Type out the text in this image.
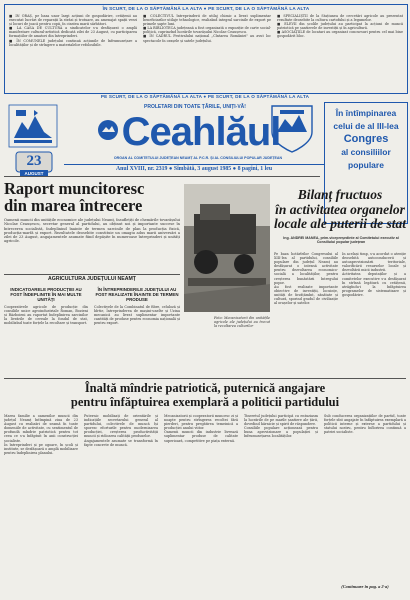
ÎN SCURT, DE LA O SĂPTĂMÂNĂ LA ALTA ● PE SCURT, DE LA O SĂPTĂMÂNĂ LA ALTA
■ IN ORAȘ, pe baza unor largi acțiuni de gospodărire, cetățenii au executat lucrări de reparații la străzi și trotuare, au amenajat spații verzi și locuri de joacă pentru copii, în cinstea marii sărbători.
■ LA CASA DE CULTURĂ a sindicatelor s-a desfășurat o amplă manifestare cultural-artistică dedicată zilei de 23 August, cu participarea formațiilor de amatori din întreprinderi.
■ ÎN COMUNELE județului continuă acțiunile de înfrumusețare a localităților și de strîngere a materialelor refolosibile.
■ COLECTIVUL întreprinderii de utilaj chimic a livrat suplimentar beneficiarilor utilaje tehnologice, realizând integral sarcinile de export pe primele șapte luni.
■ LA BIBLIOTECA județeană a fost organizată o expoziție de carte social-politică, cuprinzînd lucrările tovarășului Nicolae Ceaușescu.
■ ÎN CADRUL Festivalului național „Cîntarea României" au avut loc spectacole în orașele și satele județului.
■ SPECIALIȘTII de la Stațiunea de cercetări agricole au prezentat rezultate deosebite la cultura cartofului și a legumelor.
■ ELEVII din școlile județului au participat la acțiuni de muncă patriotică pe șantierele de investiții și în agricultură.
■ ASOCIAȚIILE de locatari au organizat concursuri pentru cel mai bine gospodărit bloc.
PE SCURT, DE LA O SĂPTĂMÂNĂ LA ALTA ● PE SCURT, DE LA O SĂPTĂMÂNĂ LA ALTA
23
AUGUST
PROLETARI DIN TOATE ȚĂRILE, UNIȚI-VĂ!
Ceahlăul
ORGAN AL COMITETULUI JUDEȚEAN NEAMȚ AL P.C.R. ȘI AL CONSILIULUI POPULAR JUDEȚEAN
Anul XVIII, nr. 2319 ● Sîmbătă, 3 august 1985 ● 8 pagini, 1 leu
În întîmpinarea
celui de al III-lea
Congres
al consiliilor
populare
Raport muncitoresc
din marea întrecere
Oamenii muncii din unitățile economice ale județului Neamț, însuflețiți de chemările tovarășului Nicolae Ceaușescu, secretar general al partidului, au obținut noi și importante succese în întrecerea socialistă, îndeplinind înainte de termen sarcinile de plan la producția fizică, producția-marfă și export. Rezultatele deosebite constituie un omagiu adus marii aniversări a zilei de 23 August, angajamentele asumate fiind depășite în numeroase întreprinderi și unități agricole.
AGRICULTURA JUDEȚULUI NEAMȚ
INDICATOARELE PRODUCȚIEI AU FOST ÎNDEPLINITE ÎN MAI MULTE UNITĂȚI
Cooperativele agricole de producție din consiliile unice agroindustriale Roman, Bozieni și Războieni au raportat îndeplinirea sarcinilor la livrările de cereale la fondul de stat, mobilizînd toate forțele la recoltare și transport.
ÎN ÎNTREPRINDERILE JUDEȚULUI AU FOST REALIZATE ÎNAINTE DE TERMEN PRODUSE
Colectivele de la Combinatul de fibre, celuloză și hîrtie, Întreprinderea de mașini-unelte și Uzina mecanică au livrat suplimentar importante cantități de produse pentru economia națională și pentru export.
Foto: Mecanizatorii din unitățile agricole ale județului au trecut la recoltarea culturilor
Bilanț fructuos
în activitatea organelor
locale ale puterii de stat
Ing. ANDREI MANEA, prim-vicepreședinte al Comitetului executiv al Consiliului popular județean
Pe baza hotărîrilor Congresului al XIII-lea al partidului, consiliile populare din județul Neamț au desfășurat o intensă activitate pentru dezvoltarea economico-socială a localităților, pentru creșterea bunăstării întregului popor.
Au fost realizate importante obiective de investiții, locuințe, unități de învățămînt, sănătate și cultură, sporind gradul de civilizație al orașelor și satelor.
În același timp, s-a acordat o atenție deosebită autoconducerii și autoaprovizionării teritoriale, valorificării resurselor locale și dezvoltării micii industrii.
Activitatea deputaților și a comitetelor executive s-a desfășurat în strînsă legătură cu cetățenii, atrăgîndu-i la înfăptuirea programelor de sistematizare și gospodărire.
Înaltă mîndrie patriotică, puternică angajare
pentru înfăptuirea exemplară a politicii partidului
Marea familie a oamenilor muncii din județul Neamț întîmpină ziua de 23 August cu realizări de seamă în toate domeniile de activitate, cu sentimentul de profundă mîndrie patriotică pentru tot ceea ce s-a înfăptuit în anii construcției socialiste.
În întreprinderi și pe ogoare, în școli și institute, se desfășoară o amplă mobilizare pentru îndeplinirea planului.
Puternic mobilizați de orientările și indicațiile secretarului general al partidului, colectivele de muncă își sporesc eforturile pentru modernizarea producției, creșterea productivității muncii și ridicarea calității produselor.
Angajamentele asumate se transformă în fapte concrete de muncă.
Mecanizatorii și cooperatorii muncesc zi și noapte pentru strîngerea recoltei fără pierderi, pentru pregătirea temeinică a producției anului viitor.
Oamenii muncii din industrie livrează suplimentar produse de calitate superioară, competitive pe piața externă.
Tineretul județului participă cu entuziasm la lucrările de pe marile șantiere ale țării, dovedind hărnicie și spirit de răspundere.
Consiliile populare acționează pentru buna aprovizionare a populației și înfrumusețarea localităților.
Sub conducerea organizațiilor de partid, toate forțele sînt angajate în înfăptuirea exemplară a politicii interne și externe a partidului și statului nostru, pentru înflorirea continuă a patriei socialiste.
(Continuare în pag. a 2-a)
